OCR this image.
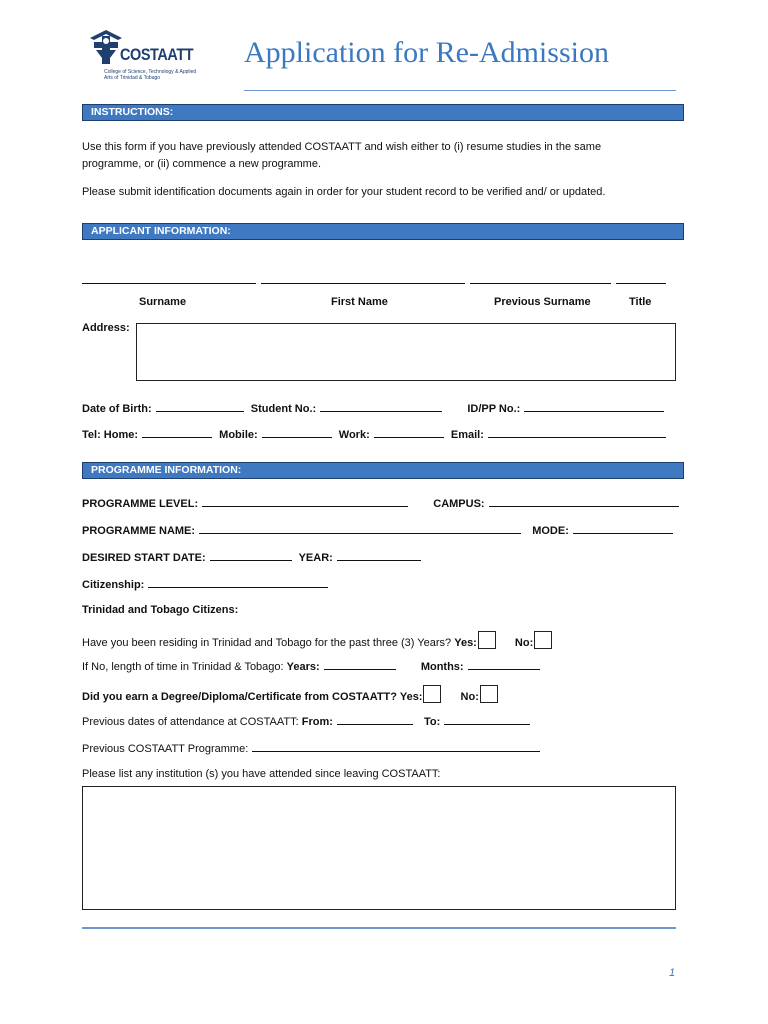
COSTAATT
College of Science, Technology & Applied Arts of Trinidad & Tobago
Application for Re-Admission
INSTRUCTIONS:
Use this form if you have previously attended COSTAATT and wish either to (i) resume studies in the same
programme, or (ii) commence a new programme.
Please submit identification documents again in order for your student record to be verified and/ or updated.
APPLICANT INFORMATION:
Surname	First Name	Previous Surname	Title
Address:
Date of Birth:	Student No.:	ID/PP No.:
Tel: Home:	Mobile:	Work:	Email:
PROGRAMME INFORMATION:
PROGRAMME LEVEL:	CAMPUS:
PROGRAMME NAME:	MODE:
DESIRED START DATE:	YEAR:
Citizenship:
Trinidad and Tobago Citizens:
Have you been residing in Trinidad and Tobago for the past three (3) Years? Yes:	No:
If No, length of time in Trinidad & Tobago: Years:	Months:
Did you earn a Degree/Diploma/Certificate from COSTAATT? Yes:	No:
Previous dates of attendance at COSTAATT: From:	To:
Previous COSTAATT Programme:
Please list any institution (s) you have attended since leaving COSTAATT:
1
